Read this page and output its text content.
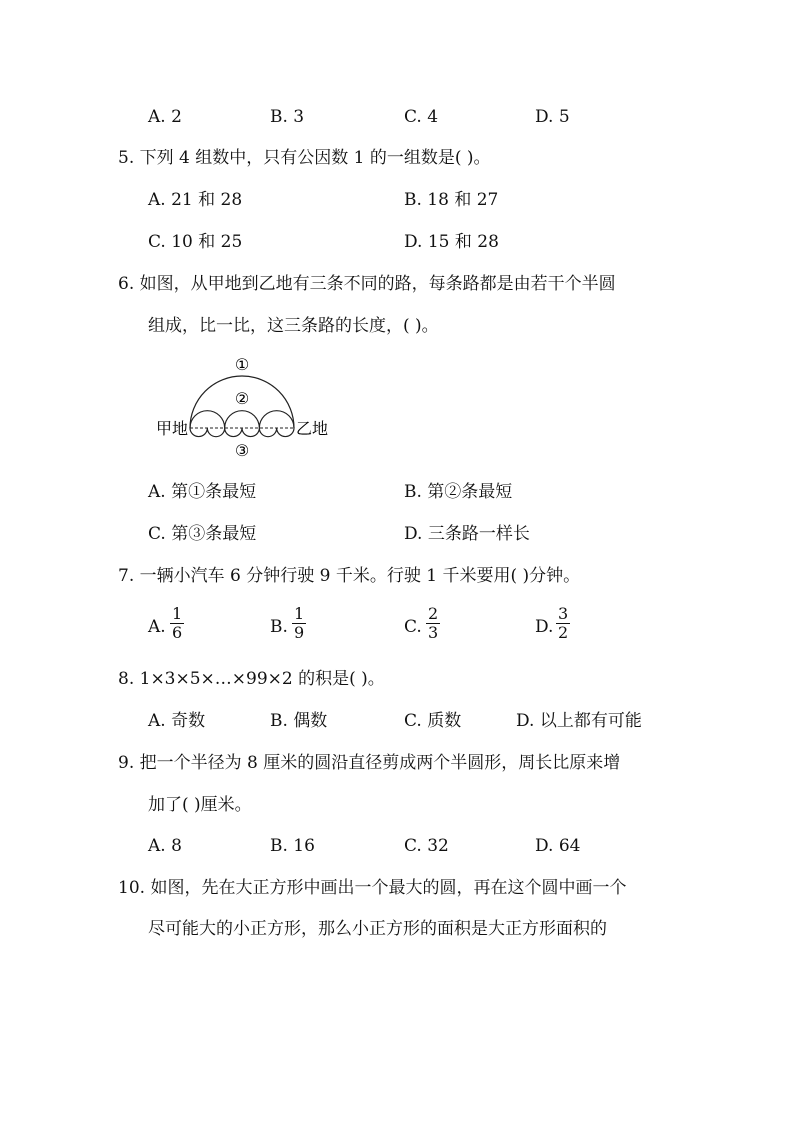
A. 2	B. 3	C. 4	D. 5
5. 下列 4 组数中，只有公因数 1 的一组数是( )。
A. 21 和 28	B. 18 和 27
C. 10 和 25	D. 15 和 28
6. 如图，从甲地到乙地有三条不同的路，每条路都是由若干个半圆
组成，比一比，这三条路的长度，( )。
①
②
③
甲地	乙地
A. 第①条最短	B. 第②条最短
C. 第③条最短	D. 三条路一样长
7. 一辆小汽车 6 分钟行驶 9 千米。行驶 1 千米要用( )分钟。
A. $\frac{1}{6}$	B. $\frac{1}{9}$	C. $\frac{2}{3}$	D. $\frac{3}{2}$
8. 1×3×5×…×99×2 的积是( )。
A. 奇数	B. 偶数	C. 质数	D. 以上都有可能
9. 把一个半径为 8 厘米的圆沿直径剪成两个半圆形，周长比原来增
加了( )厘米。
A. 8	B. 16	C. 32	D. 64
10. 如图，先在大正方形中画出一个最大的圆，再在这个圆中画一个
尽可能大的小正方形，那么小正方形的面积是大正方形面积的
